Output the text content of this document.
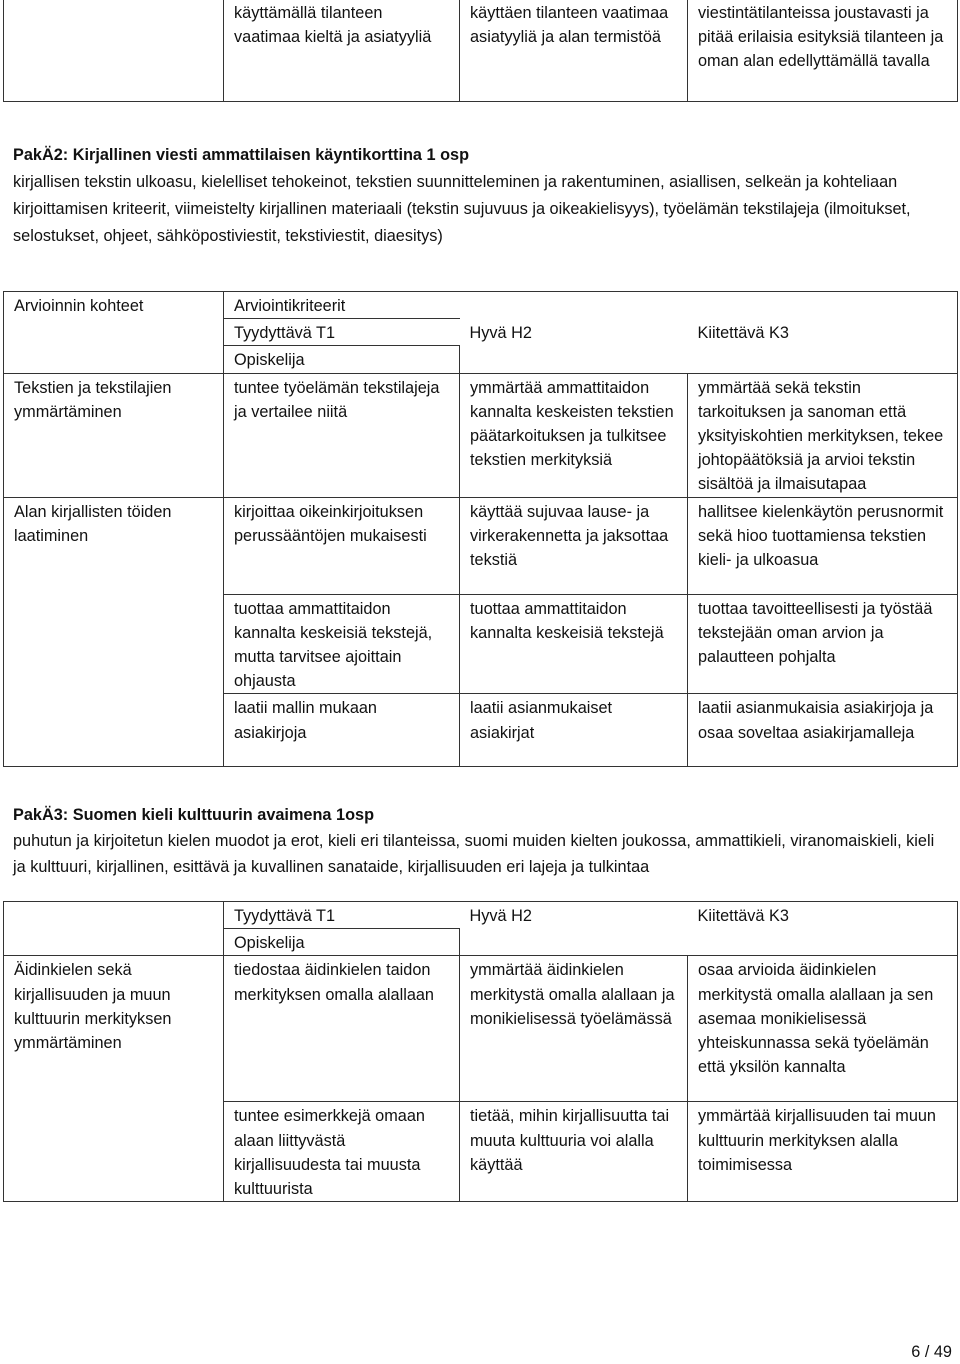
	käyttämällä tilanteen vaatimaa kieltä ja asiatyyliä	käyttäen tilanteen vaatimaa asiatyyliä ja alan termistöä	viestintätilanteissa joustavasti ja pitää erilaisia esityksiä tilanteen ja oman alan edellyttämällä tavalla
PakÄ2: Kirjallinen viesti ammattilaisen käyntikorttina 1 osp
kirjallisen tekstin ulkoasu, kielelliset tehokeinot, tekstien suunnitteleminen ja rakentuminen, asiallisen, selkeän ja kohteliaan kirjoittamisen kriteerit, viimeistelty kirjallinen materiaali (tekstin sujuvuus ja oikeakielisyys), työelämän tekstilajeja (ilmoitukset, selostukset, ohjeet, sähköpostiviestit, tekstiviestit, diaesitys)
Arvioinnin kohteet	Arviointikriteerit		
	Tyydyttävä T1	Hyvä H2	Kiitettävä K3
	Opiskelija		
Tekstien ja tekstilajien ymmärtäminen	tuntee työelämän tekstilajeja ja vertailee niitä	ymmärtää ammattitaidon kannalta keskeisten tekstien päätarkoituksen ja tulkitsee tekstien merkityksiä	ymmärtää sekä tekstin tarkoituksen ja sanoman että yksityiskohtien merkityksen, tekee johtopäätöksiä ja arvioi tekstin sisältöä ja ilmaisutapaa
Alan kirjallisten töiden laatiminen	kirjoittaa oikeinkirjoituksen perussääntöjen mukaisesti	käyttää sujuvaa lause- ja virkerakennetta ja jaksottaa tekstiä	hallitsee kielenkäytön perusnormit sekä hioo tuottamiensa tekstien kieli- ja ulkoasua
	tuottaa ammattitaidon kannalta keskeisiä tekstejä, mutta tarvitsee ajoittain ohjausta	tuottaa ammattitaidon kannalta keskeisiä tekstejä	tuottaa tavoitteellisesti ja työstää tekstejään oman arvion ja palautteen pohjalta
	laatii mallin mukaan asiakirjoja	laatii asianmukaiset asiakirjat	laatii asianmukaisia asiakirjoja ja osaa soveltaa asiakirjamalleja
PakÄ3: Suomen kieli kulttuurin avaimena 1osp
puhutun ja kirjoitetun kielen muodot ja erot, kieli eri tilanteissa, suomi muiden kielten joukossa, ammattikieli, viranomaiskieli, kieli ja kulttuuri, kirjallinen, esittävä ja kuvallinen sanataide, kirjallisuuden eri lajeja ja tulkintaa
	Tyydyttävä T1	Hyvä H2	Kiitettävä K3
	Opiskelija		
Äidinkielen sekä kirjallisuuden ja muun kulttuurin merkityksen ymmärtäminen	tiedostaa äidinkielen taidon merkityksen omalla alallaan	ymmärtää äidinkielen merkitystä omalla alallaan ja monikielisessä työelämässä	osaa arvioida äidinkielen merkitystä omalla alallaan ja sen asemaa monikielisessä yhteiskunnassa sekä työelämän että yksilön kannalta
	tuntee esimerkkejä omaan alaan liittyvästä kirjallisuudesta tai muusta kulttuurista	tietää, mihin kirjallisuutta tai muuta kulttuuria voi alalla käyttää	ymmärtää kirjallisuuden tai muun kulttuurin merkityksen alalla toimimisessa
6 / 49
